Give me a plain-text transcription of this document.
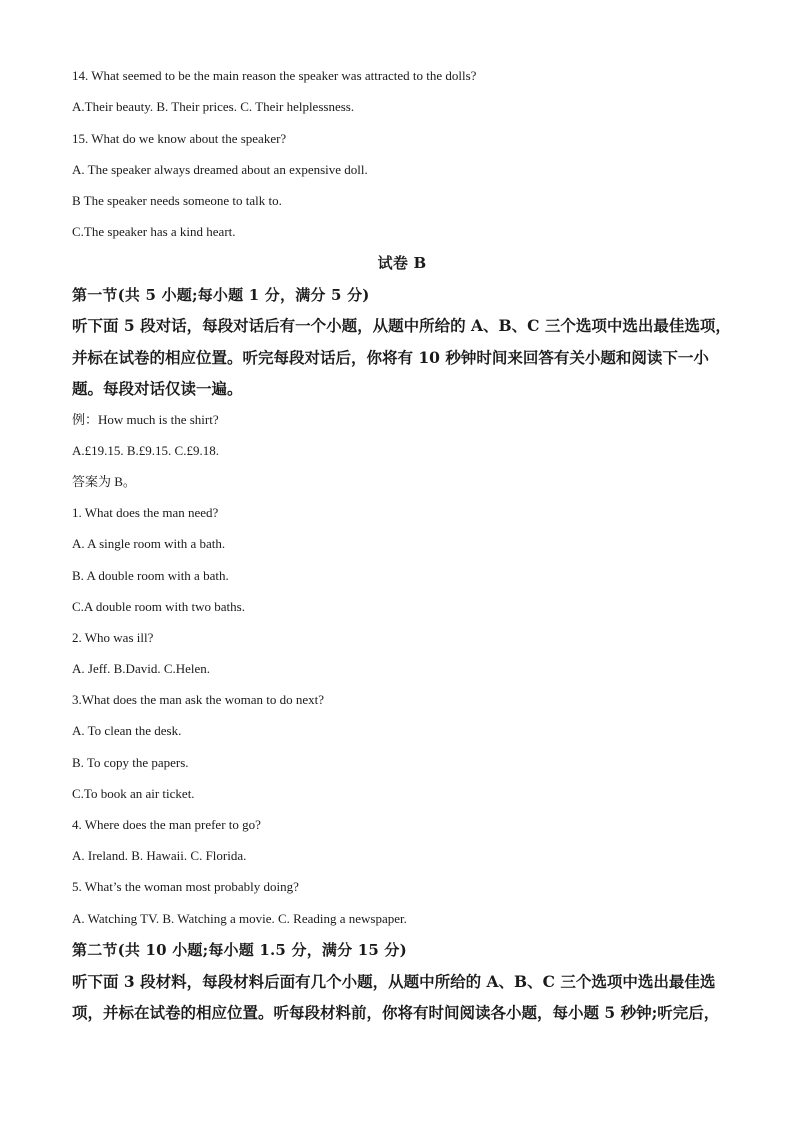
14. What seemed to be the main reason the speaker was attracted to the dolls?
A.Their beauty. B. Their prices. C. Their helplessness.
15. What do we know about the speaker?
A. The speaker always dreamed about an expensive doll.
B The speaker needs someone to talk to.
C.The speaker has a kind heart.
试卷 B
第一节(共 5 小题;每小题 1 分，满分 5 分)
听下面 5 段对话，每段对话后有一个小题，从题中所给的 A、B、C 三个选项中选出最佳选项，
并标在试卷的相应位置。听完每段对话后，你将有 10 秒钟时间来回答有关小题和阅读下一小
题。每段对话仅读一遍。
例：How much is the shirt?
A.£19.15. B.£9.15. C.£9.18.
答案为 B。
1. What does the man need?
A. A single room with a bath.
B. A double room with a bath.
C.A double room with two baths.
2. Who was ill?
A. Jeff. B.David. C.Helen.
3.What does the man ask the woman to do next?
A. To clean the desk.
B. To copy the papers.
C.To book an air ticket.
4. Where does the man prefer to go?
A. Ireland. B. Hawaii. C. Florida.
5. What’s the woman most probably doing?
A. Watching TV. B. Watching a movie. C. Reading a newspaper.
第二节(共 10 小题;每小题 1.5 分，满分 15 分)
听下面 3 段材料，每段材料后面有几个小题，从题中所给的 A、B、C 三个选项中选出最佳选
项，并标在试卷的相应位置。听每段材料前，你将有时间阅读各小题，每小题 5 秒钟;听完后，
